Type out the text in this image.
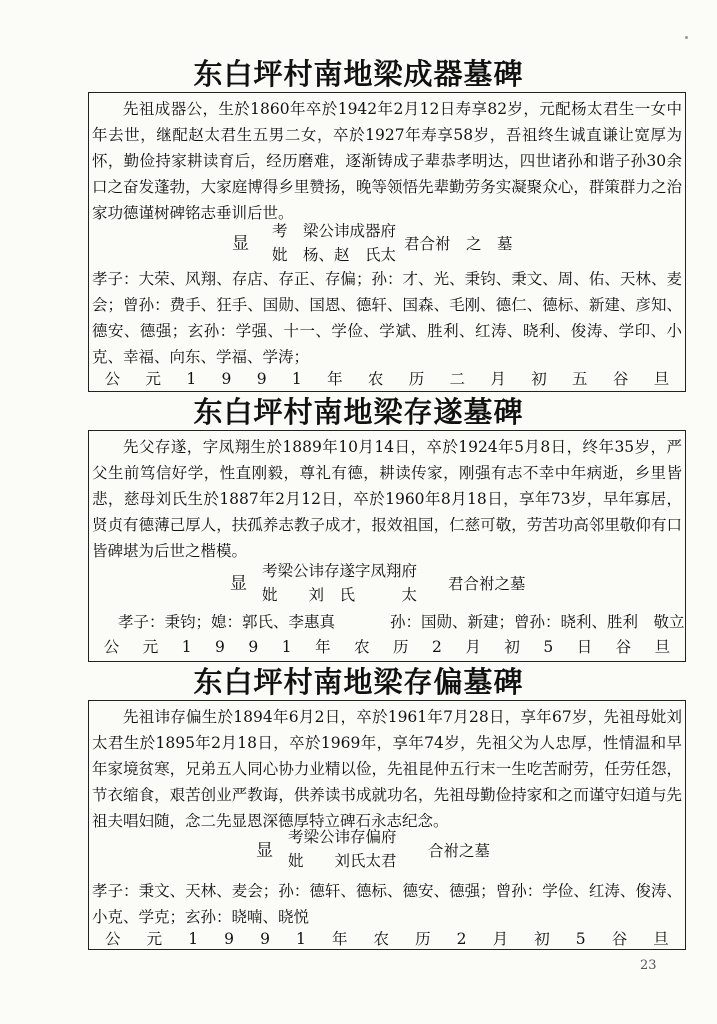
东白坪村南地梁成器墓碑
先祖成器公，生於1860年卒於1942年2月12日寿享82岁，元配杨太君生一女中年去世，继配赵太君生五男二女，卒於1927年寿享58岁，吾祖终生诚直谦让宽厚为怀，勤俭持家耕读育后，经历磨难，逐渐铸成子辈恭孝明达，四世诸孙和谐子孙30余口之奋发蓬勃，大家庭博得乡里赞扬，晚等领悟先辈勤劳务实凝聚众心，群策群力之治家功德谨树碑铭志垂训后世。
显
考　梁公讳成器府
妣　杨、赵　氏太
君合祔　之　墓
孝子：大荣、风翔、存店、存正、存偏；孙：才、光、秉钧、秉文、周、佑、天林、麦会；曾孙：费手、狂手、国勋、国恩、德轩、国森、毛刚、德仁、德标、新建、彦知、德安、德强；玄孙：学强、十一、学俭、学斌、胜利、红涛、晓利、俊涛、学印、小克、幸福、向东、学福、学涛；
公 元 1 9 9 1 年 农 历 二 月 初 五 谷 旦
东白坪村南地梁存遂墓碑
先父存遂，字凤翔生於1889年10月14日，卒於1924年5月8日，终年35岁，严父生前笃信好学，性直刚毅，尊礼有德，耕读传家，刚强有志不幸中年病逝，乡里皆悲，慈母刘氏生於1887年2月12日，卒於1960年8月18日，享年73岁，早年寡居，贤贞有德薄己厚人，扶孤养志教子成才，报效祖国，仁慈可敬，劳苦功高邻里敬仰有口皆碑堪为后世之楷模。
显
考梁公讳存遂字凤翔府
妣　　刘　氏　　　太
君合祔之墓
孝子：秉钧；媳：郭氏、李惠真	孙：国勋、新建；曾孙：晓利、胜利　敬立
公 元 1 9 9 1 年 农 历 2 月 初 5 日 谷 旦
东白坪村南地梁存偏墓碑
先祖讳存偏生於1894年6月2日，卒於1961年7月28日，享年67岁，先祖母妣刘太君生於1895年2月18日，卒於1969年，享年74岁，先祖父为人忠厚，性情温和早年家境贫寒，兄弟五人同心协力业精以俭，先祖昆仲五行末一生吃苦耐劳，任劳任怨，节衣缩食，艰苦创业严教诲，供养读书成就功名，先祖母勤俭持家和之而谨守妇道与先祖夫唱妇随，念二先显恩深德厚特立碑石永志纪念。
显
考梁公讳存偏府
妣　　刘氏太君
合祔之墓
孝子：秉文、天林、麦会；孙：德轩、德标、德安、德强；曾孙：学俭、红涛、俊涛、小克、学克；玄孙：晓喃、晓悦
公 元 1 9 9 1 年 农 历 2 月 初 5 谷 旦
23
